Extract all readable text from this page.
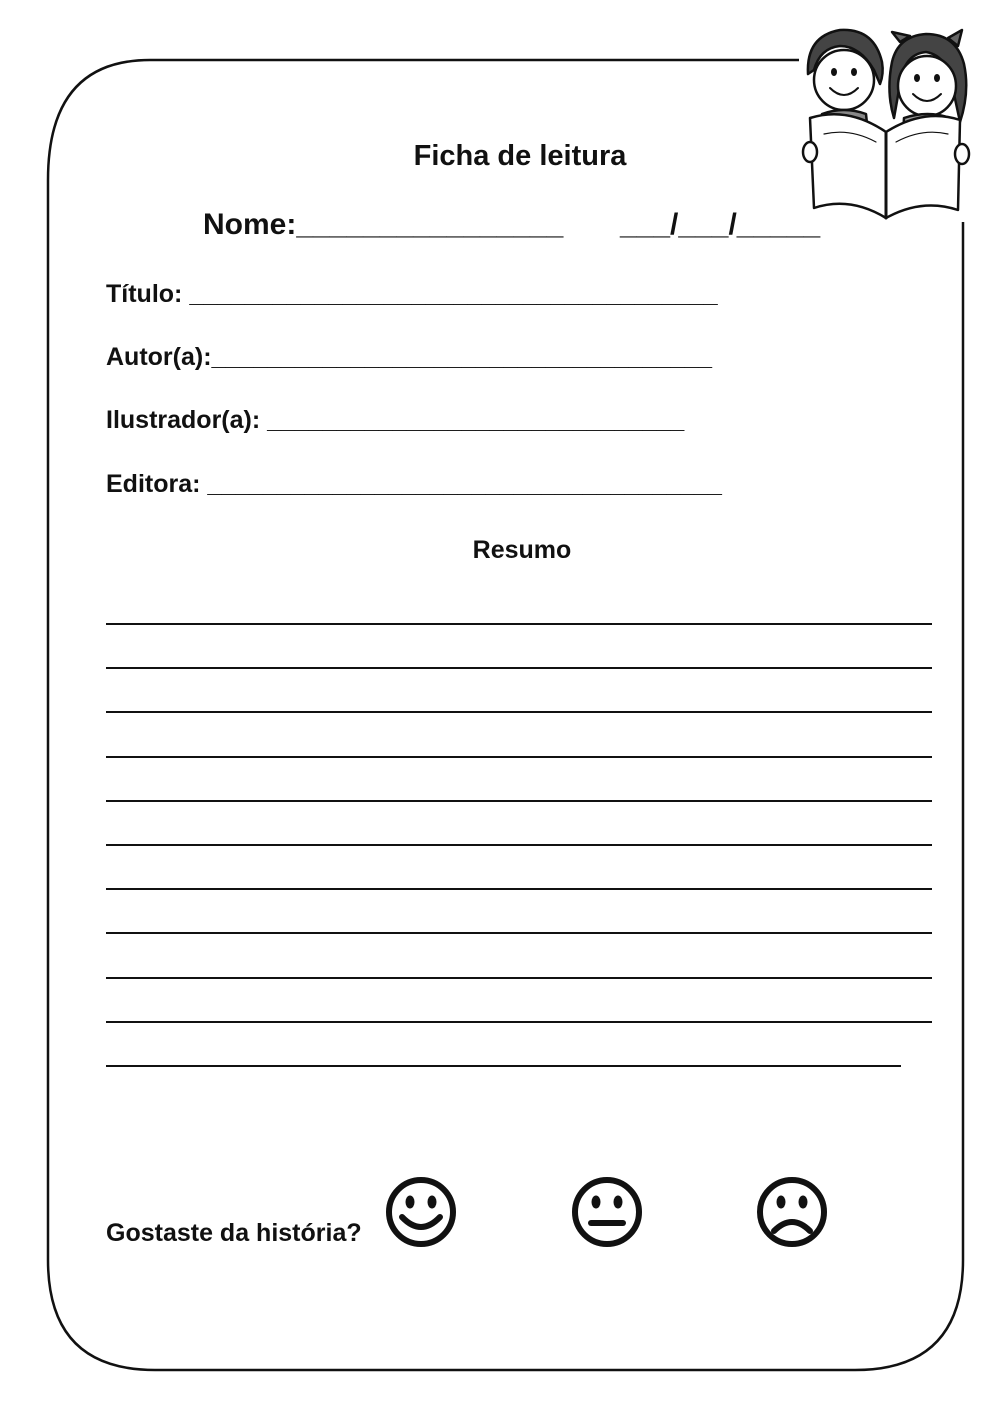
Ficha de leitura
Nome:________________ ___/___/_____
Título: ______________________________________
Autor(a):____________________________________
Ilustrador(a): ______________________________
Editora: _____________________________________
Resumo
Gostaste da história?
